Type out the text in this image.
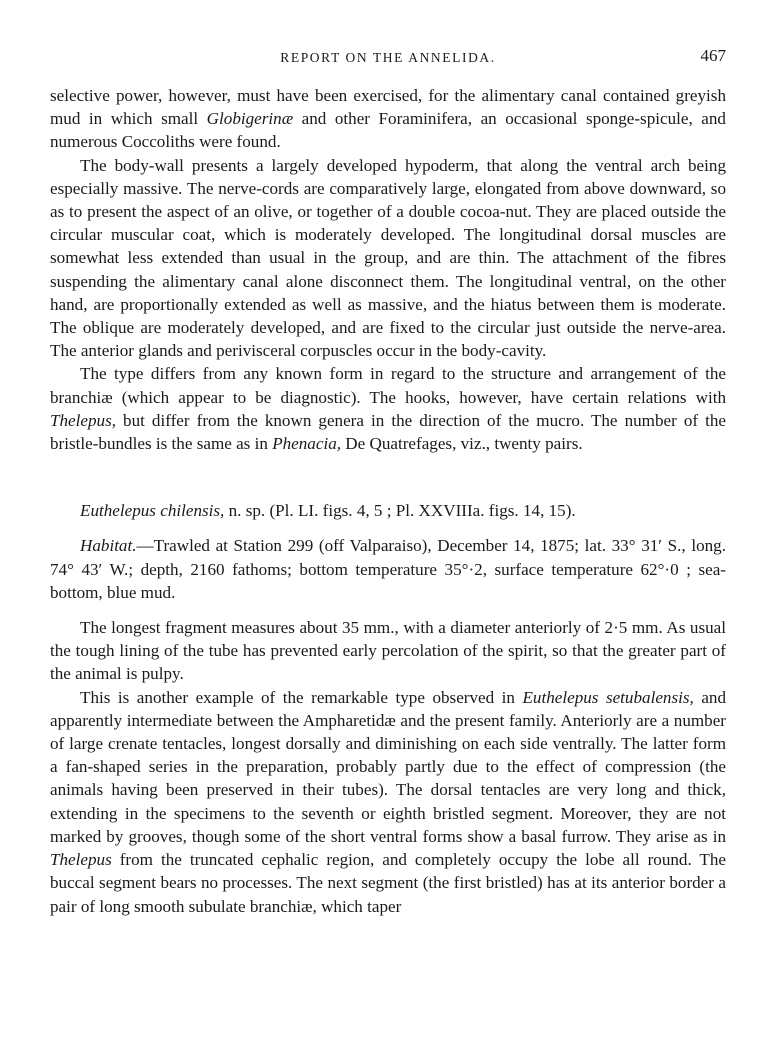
REPORT ON THE ANNELIDA.	467

selective power, however, must have been exercised, for the alimentary canal contained greyish mud in which small Globigerinæ and other Foraminifera, an occasional sponge-spicule, and numerous Coccoliths were found.

The body-wall presents a largely developed hypoderm, that along the ventral arch being especially massive. The nerve-cords are comparatively large, elongated from above downward, so as to present the aspect of an olive, or together of a double cocoa-nut. They are placed outside the circular muscular coat, which is moderately developed. The longitudinal dorsal muscles are somewhat less extended than usual in the group, and are thin. The attachment of the fibres suspending the alimentary canal alone disconnect them. The longitudinal ventral, on the other hand, are proportionally extended as well as massive, and the hiatus between them is moderate. The oblique are moderately developed, and are fixed to the circular just outside the nerve-area. The anterior glands and perivisceral corpuscles occur in the body-cavity.

The type differs from any known form in regard to the structure and arrangement of the branchiæ (which appear to be diagnostic). The hooks, however, have certain relations with Thelepus, but differ from the known genera in the direction of the mucro. The number of the bristle-bundles is the same as in Phenacia, De Quatrefages, viz., twenty pairs.

Euthelepus chilensis, n. sp. (Pl. LI. figs. 4, 5 ; Pl. XXVIIIa. figs. 14, 15).

Habitat.—Trawled at Station 299 (off Valparaiso), December 14, 1875; lat. 33° 31′ S., long. 74° 43′ W.; depth, 2160 fathoms; bottom temperature 35°·2, surface temperature 62°·0 ; sea-bottom, blue mud.

The longest fragment measures about 35 mm., with a diameter anteriorly of 2·5 mm. As usual the tough lining of the tube has prevented early percolation of the spirit, so that the greater part of the animal is pulpy.

This is another example of the remarkable type observed in Euthelepus setubalensis, and apparently intermediate between the Ampharetidæ and the present family. Anteriorly are a number of large crenate tentacles, longest dorsally and diminishing on each side ventrally. The latter form a fan-shaped series in the preparation, probably partly due to the effect of compression (the animals having been preserved in their tubes). The dorsal tentacles are very long and thick, extending in the specimens to the seventh or eighth bristled segment. Moreover, they are not marked by grooves, though some of the short ventral forms show a basal furrow. They arise as in Thelepus from the truncated cephalic region, and completely occupy the lobe all round. The buccal segment bears no processes. The next segment (the first bristled) has at its anterior border a pair of long smooth subulate branchiæ, which taper
